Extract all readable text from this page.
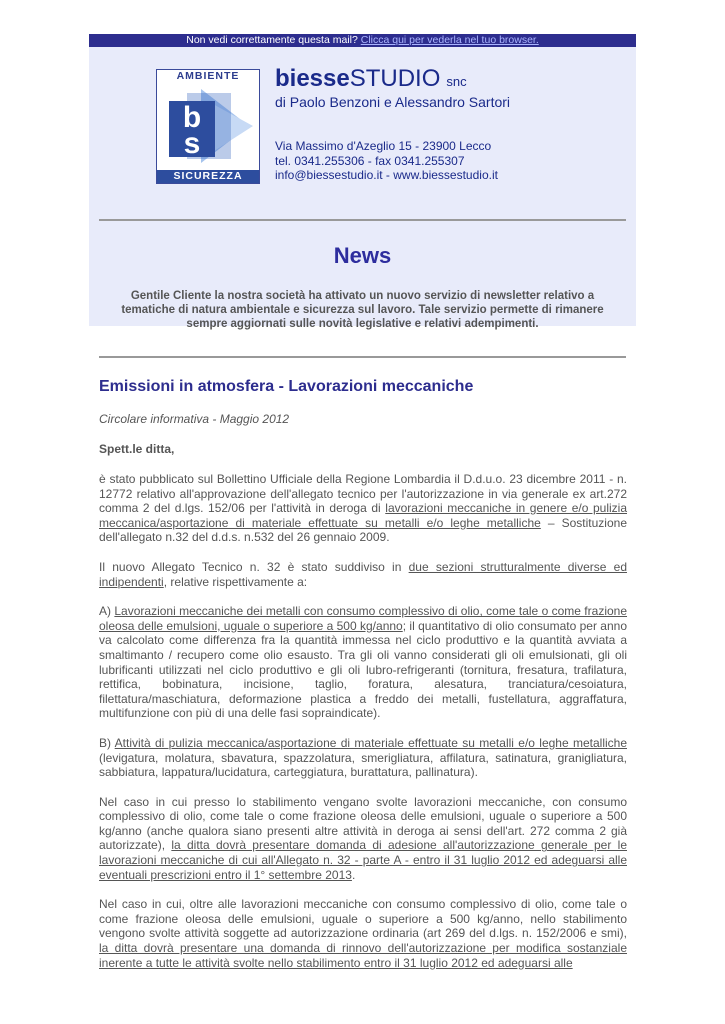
Non vedi correttamente questa mail? Clicca qui per vederla nel tuo browser.
AMBIENTE
b
s
SICUREZZA
biesseSTUDIO snc
di Paolo Benzoni e Alessandro Sartori
Via Massimo d'Azeglio 15 - 23900 Lecco
tel. 0341.255306 - fax 0341.255307
info@biessestudio.it - www.biessestudio.it
News
Gentile Cliente la nostra società ha attivato un nuovo servizio di newsletter relativo a tematiche di natura ambientale e sicurezza sul lavoro. Tale servizio permette di rimanere sempre aggiornati sulle novità legislative e relativi adempimenti.
Emissioni in atmosfera - Lavorazioni meccaniche
Circolare informativa - Maggio 2012
Spett.le ditta,

è stato pubblicato sul Bollettino Ufficiale della Regione Lombardia il D.d.u.o. 23 dicembre 2011 - n. 12772 relativo all'approvazione dell'allegato tecnico per l'autorizzazione in via generale ex art.272 comma 2 del d.lgs. 152/06 per l'attività in deroga di lavorazioni meccaniche in genere e/o pulizia meccanica/asportazione di materiale effettuate su metalli e/o leghe metalliche – Sostituzione dell'allegato n.32 del d.d.s. n.532 del 26 gennaio 2009.

Il nuovo Allegato Tecnico n. 32 è stato suddiviso in due sezioni strutturalmente diverse ed indipendenti, relative rispettivamente a:

A) Lavorazioni meccaniche dei metalli con consumo complessivo di olio, come tale o come frazione oleosa delle emulsioni, uguale o superiore a 500 kg/anno; il quantitativo di olio consumato per anno va calcolato come differenza fra la quantità immessa nel ciclo produttivo e la quantità avviata a smaltimanto / recupero come olio esausto. Tra gli oli vanno considerati gli oli emulsionati, gli oli lubrificanti utilizzati nel ciclo produttivo e gli oli lubro-refrigeranti (tornitura, fresatura, trafilatura, rettifica, bobinatura, incisione, taglio, foratura, alesatura, tranciatura/cesoiatura, filettatura/maschiatura, deformazione plastica a freddo dei metalli, fustellatura, aggraffatura, multifunzione con più di una delle fasi sopraindicate).

B) Attività di pulizia meccanica/asportazione di materiale effettuate su metalli e/o leghe metalliche (levigatura, molatura, sbavatura, spazzolatura, smerigliatura, affilatura, satinatura, granigliatura, sabbiatura, lappatura/lucidatura, carteggiatura, burattatura, pallinatura).

Nel caso in cui presso lo stabilimento vengano svolte lavorazioni meccaniche, con consumo complessivo di olio, come tale o come frazione oleosa delle emulsioni, uguale o superiore a 500 kg/anno (anche qualora siano presenti altre attività in deroga ai sensi dell'art. 272 comma 2 già autorizzate), la ditta dovrà presentare domanda di adesione all'autorizzazione generale per le lavorazioni meccaniche di cui all'Allegato n. 32 - parte A - entro il 31 luglio 2012 ed adeguarsi alle eventuali prescrizioni entro il 1° settembre 2013.

Nel caso in cui, oltre alle lavorazioni meccaniche con consumo complessivo di olio, come tale o come frazione oleosa delle emulsioni, uguale o superiore a 500 kg/anno, nello stabilimento vengono svolte attività soggette ad autorizzazione ordinaria (art 269 del d.lgs. n. 152/2006 e smi), la ditta dovrà presentare una domanda di rinnovo dell'autorizzazione per modifica sostanziale inerente a tutte le attività svolte nello stabilimento entro il 31 luglio 2012 ed adeguarsi alle
